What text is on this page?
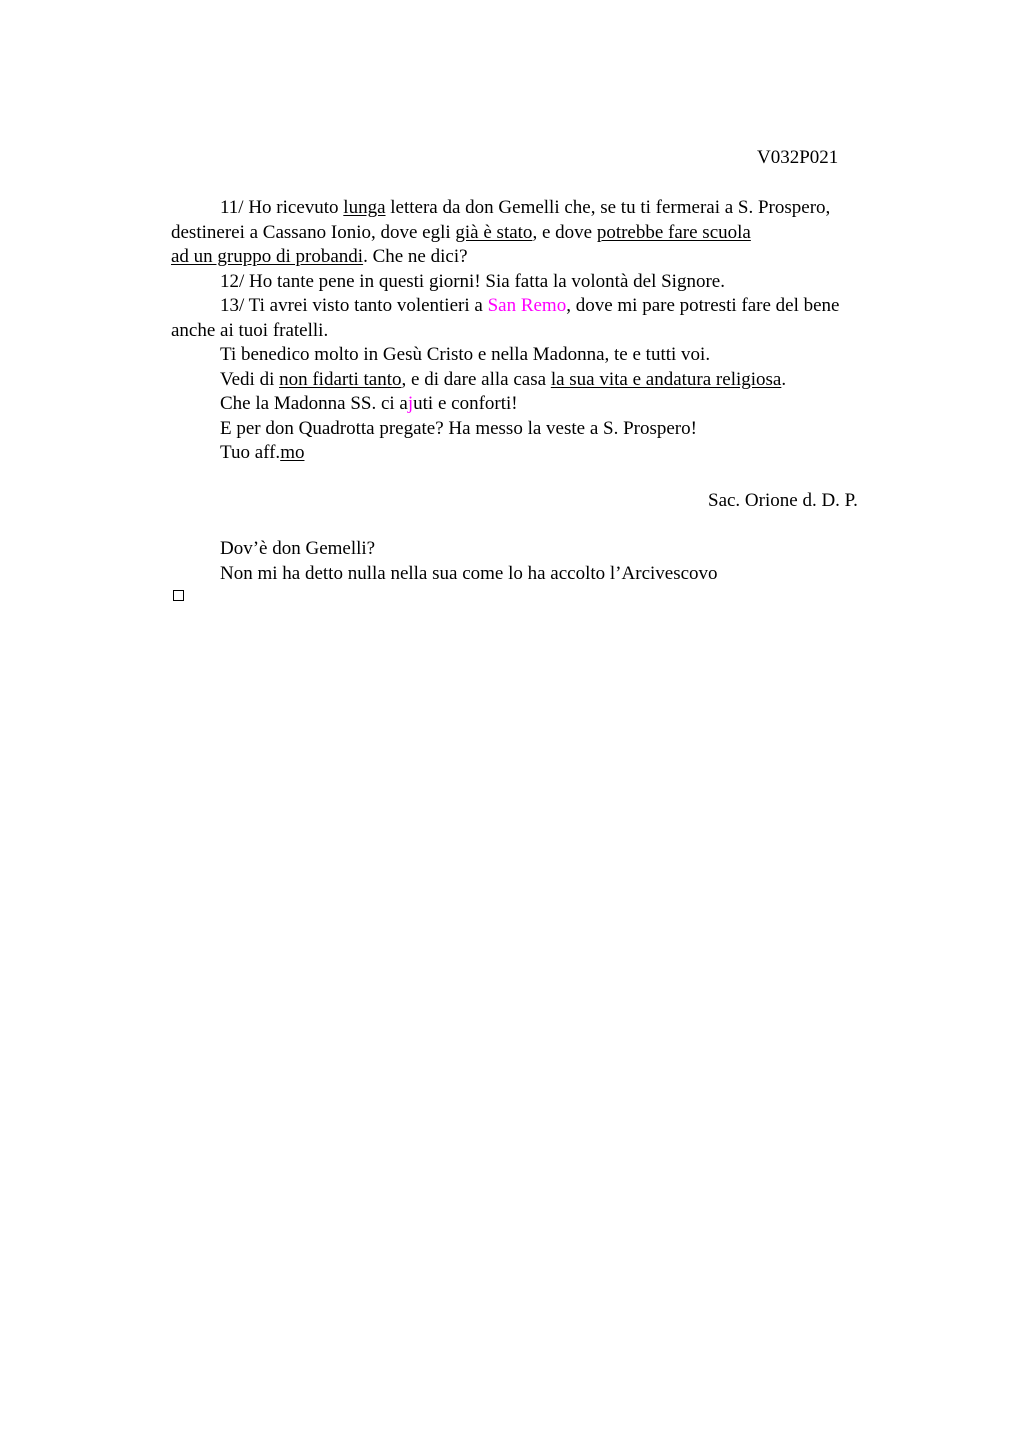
V032P021
11/ Ho ricevuto lunga lettera da don Gemelli che, se tu ti fermerai a S. Prospero,
destinerei a Cassano Ionio, dove egli già è stato, e dove potrebbe fare scuola
ad un gruppo di probandi. Che ne dici?
12/ Ho tante pene in questi giorni! Sia fatta la volontà del Signore.
13/ Ti avrei visto tanto volentieri a San Remo, dove mi pare potresti fare del bene
anche ai tuoi fratelli.
Ti benedico molto in Gesù Cristo e nella Madonna, te e tutti voi.
Vedi di non fidarti tanto, e di dare alla casa la sua vita e andatura religiosa.
Che la Madonna SS. ci ajuti e conforti!
E per don Quadrotta pregate? Ha messo la veste a S. Prospero!
Tuo aff.mo
Sac. Orione d. D. P.
Dov’è don Gemelli?
Non mi ha detto nulla nella sua come lo ha accolto l’Arcivescovo
